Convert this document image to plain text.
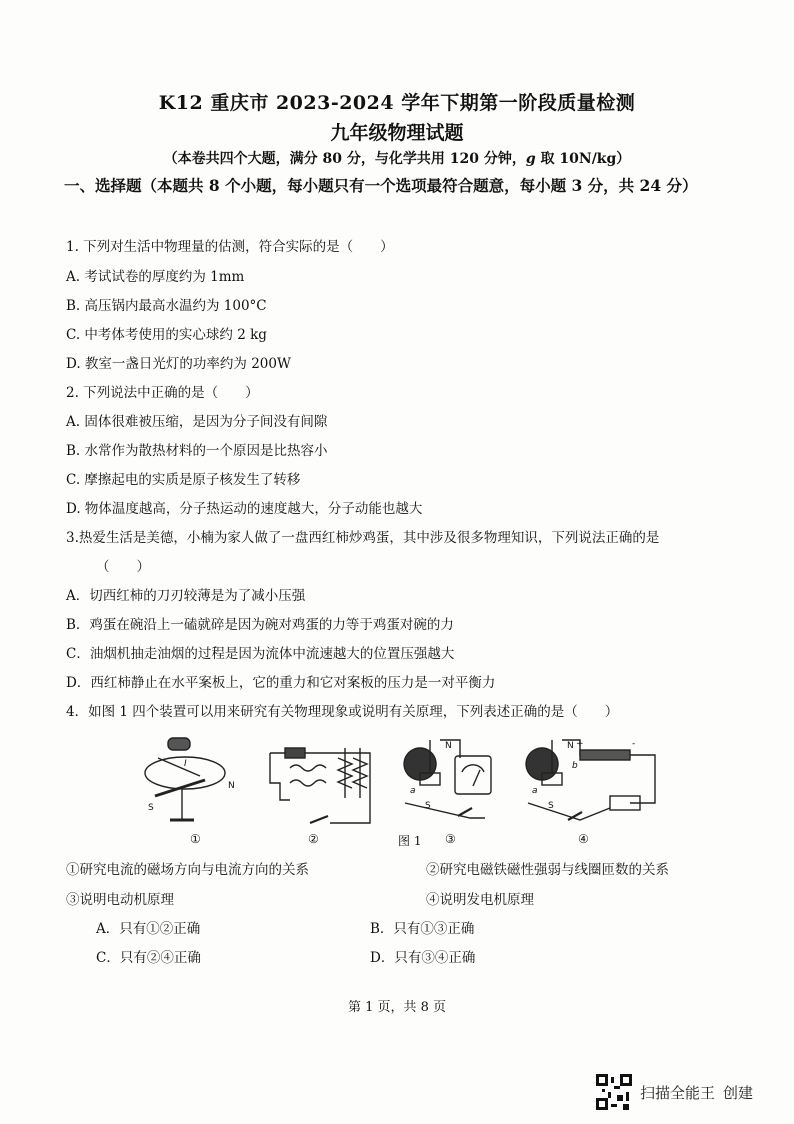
K12 重庆市 2023-2024 学年下期第一阶段质量检测
九年级物理试题
（本卷共四个大题，满分 80 分，与化学共用 120 分钟，g 取 10N/kg）
一、选择题（本题共 8 个小题，每小题只有一个选项最符合题意，每小题 3 分，共 24 分）
1. 下列对生活中物理量的估测，符合实际的是（　　）
A. 考试试卷的厚度约为 1mm
B. 高压锅内最高水温约为 100°C
C. 中考体考使用的实心球约 2 kg
D. 教室一盏日光灯的功率约为 200W
2. 下列说法中正确的是（　　）
A. 固体很难被压缩，是因为分子间没有间隙
B. 水常作为散热材料的一个原因是比热容小
C. 摩擦起电的实质是原子核发生了转移
D. 物体温度越高，分子热运动的速度越大，分子动能也越大
3.热爱生活是美德，小楠为家人做了一盘西红柿炒鸡蛋，其中涉及很多物理知识，下列说法正确的是
（　　）
A．切西红柿的刀刃较薄是为了减小压强
B．鸡蛋在碗沿上一磕就碎是因为碗对鸡蛋的力等于鸡蛋对碗的力
C．油烟机抽走油烟的过程是因为流体中流速越大的位置压强越大
D．西红柿静止在水平案板上，它的重力和它对案板的压力是一对平衡力
4．如图 1 四个装置可以用来研究有关物理现象或说明有关原理，下列表述正确的是（　　）
S
N
I
N
S
a
N
S
a
b
+	-
①	②	图 1 ③	④
①研究电流的磁场方向与电流方向的关系	②研究电磁铁磁性强弱与线圈匝数的关系
③说明电动机原理	④说明发电机原理
A．只有①②正确	B．只有①③正确
C．只有②④正确	D．只有③④正确
第 1 页，共 8 页
扫描全能王 创建
